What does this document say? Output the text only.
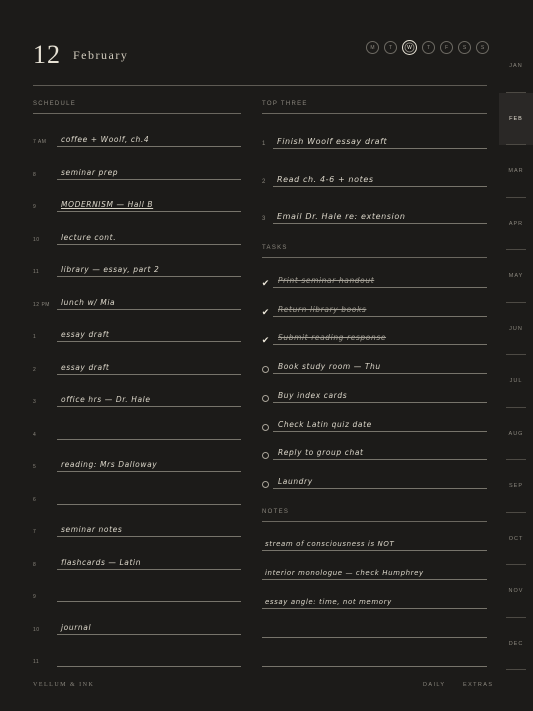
12 February
M	T	W	T	F	S	S
SCHEDULE
7 AM coffee + Woolf, ch.4
8	seminar prep
9	MODERNISM — Hall B
10	lecture cont.
11	library — essay, part 2
12 PM lunch w/ Mia
1	essay draft
2	essay draft
3	office hrs — Dr. Hale
4
5	reading: Mrs Dalloway
6
7	seminar notes
8	flashcards — Latin
9
10	journal
11
TOP THREE
1 Finish Woolf essay draft
2 Read ch. 4-6 + notes
3 Email Dr. Hale re: extension
TASKS
✔ Print seminar handout
✔ Return library books
✔ Submit reading response
Book study room — Thu
Buy index cards
Check Latin quiz date
Reply to group chat
Laundry
NOTES
stream of consciousness is NOT
interior monologue — check Humphrey
essay angle: time, not memory
JAN
FEB
MAR
APR
MAY
JUN
JUL
AUG
SEP
OCT
NOV
DEC
VELLUM & INK	DAILY	EXTRAS
